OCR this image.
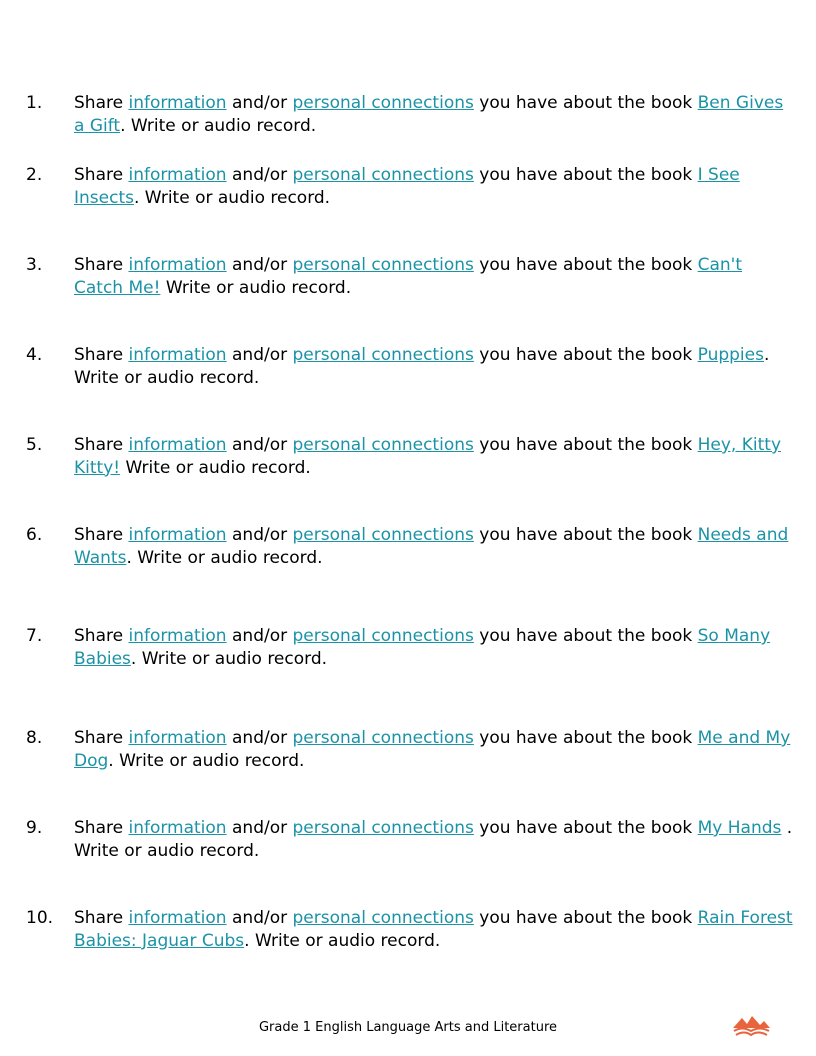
1. Share information and/or personal connections you have about the book Ben Gives a Gift. Write or audio record.
2. Share information and/or personal connections you have about the book I See Insects. Write or audio record.
3. Share information and/or personal connections you have about the book Can't Catch Me! Write or audio record.
4. Share information and/or personal connections you have about the book Puppies. Write or audio record.
5. Share information and/or personal connections you have about the book Hey, Kitty Kitty! Write or audio record.
6. Share information and/or personal connections you have about the book Needs and Wants. Write or audio record.
7. Share information and/or personal connections you have about the book So Many Babies. Write or audio record.
8. Share information and/or personal connections you have about the book Me and My Dog. Write or audio record.
9. Share information and/or personal connections you have about the book My Hands . Write or audio record.
10. Share information and/or personal connections you have about the book Rain Forest Babies: Jaguar Cubs. Write or audio record.
Grade 1 English Language Arts and Literature
